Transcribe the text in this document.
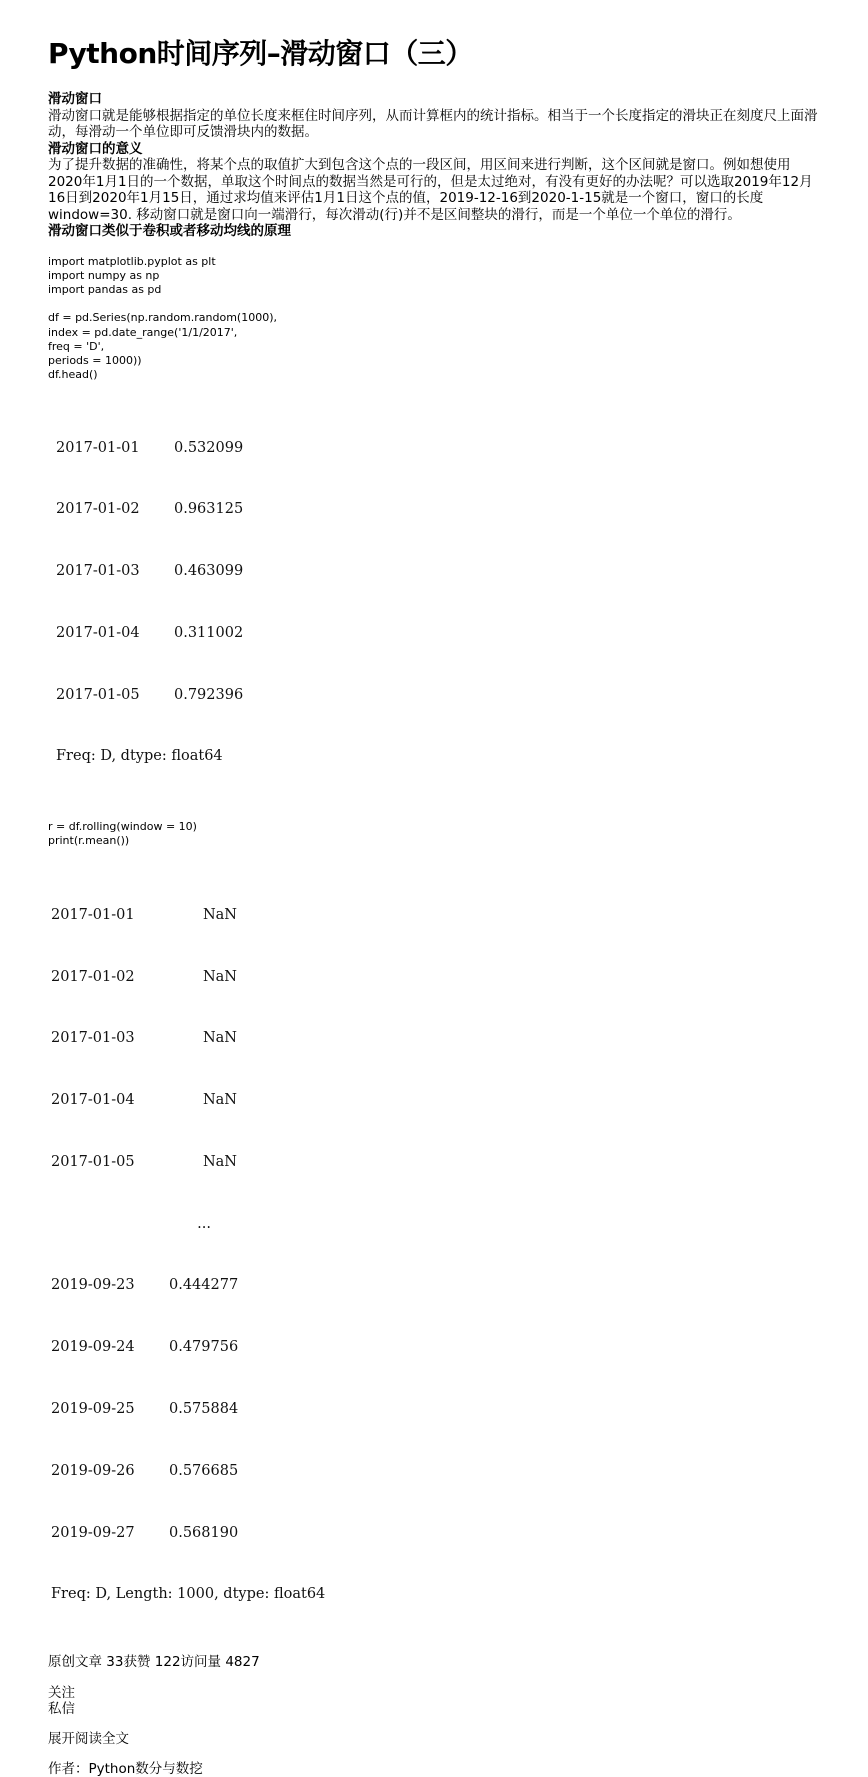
Python时间序列–滑动窗口（三）

滑动窗口

滑动窗口就是能够根据指定的单位长度来框住时间序列，从而计算框内的统计指标。相当于一个长度指定的滑块正在刻度尺上面滑动，每滑动一个单位即可反馈滑块内的数据。

滑动窗口的意义

为了提升数据的准确性，将某个点的取值扩大到包含这个点的一段区间，用区间来进行判断，这个区间就是窗口。例如想使用2020年1月1日的一个数据，单取这个时间点的数据当然是可行的，但是太过绝对，有没有更好的办法呢？可以选取2019年12月16日到2020年1月15日，通过求均值来评估1月1日这个点的值，2019-12-16到2020-1-15就是一个窗口，窗口的长度window=30. 移动窗口就是窗口向一端滑行，每次滑动(行)并不是区间整块的滑行，而是一个单位一个单位的滑行。

滑动窗口类似于卷积或者移动均线的原理

import matplotlib.pyplot as plt
import numpy as np
import pandas as pd
df = pd.Series(np.random.random(1000),
index = pd.date_range('1/1/2017',
freq = 'D',
periods = 1000))
df.head()

2017-01-01 0.532099

2017-01-02 0.963125

2017-01-03 0.463099

2017-01-04 0.311002

2017-01-05 0.792396

Freq: D, dtype: float64

r = df.rolling(window = 10)
print(r.mean())

2017-01-01	NaN

2017-01-02	NaN

2017-01-03	NaN

2017-01-04	NaN

2017-01-05	NaN

...

2019-09-23 0.444277

2019-09-24 0.479756

2019-09-25 0.575884

2019-09-26 0.576685

2019-09-27 0.568190

Freq: D, Length: 1000, dtype: float64

原创文章 33获赞 122访问量 4827
关注
私信
展开阅读全文
作者：Python数分与数挖
